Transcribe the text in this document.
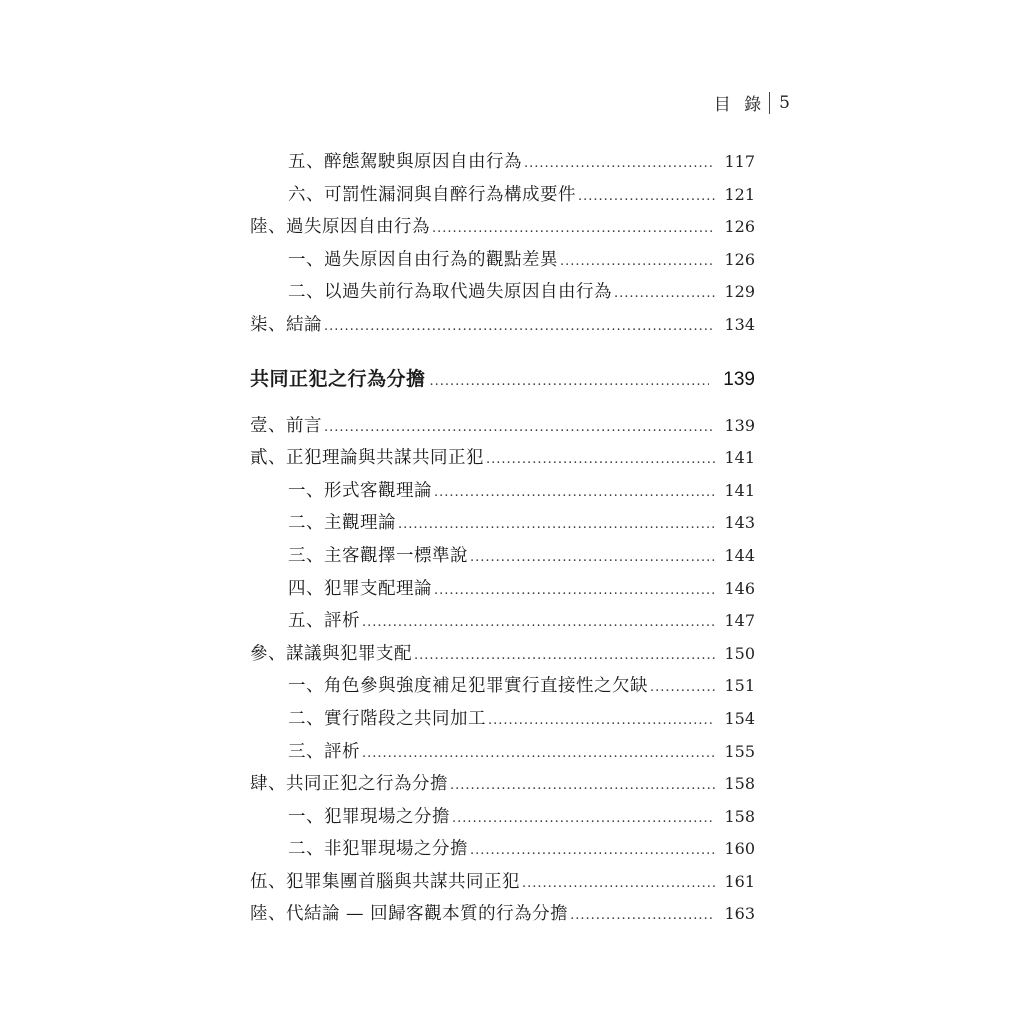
目 錄 5
五、醉態駕駛與原因自由行為 .....	117
六、可罰性漏洞與自醉行為構成要件 .....	121
陸、過失原因自由行為 .....	126
一、過失原因自由行為的觀點差異 .....	126
二、以過失前行為取代過失原因自由行為 .....	129
柒、結論 .....	134
共同正犯之行為分擔 .....	139
壹、前言 .....	139
貳、正犯理論與共謀共同正犯 .....	141
一、形式客觀理論 .....	141
二、主觀理論 .....	143
三、主客觀擇一標準說 .....	144
四、犯罪支配理論 .....	146
五、評析 .....	147
參、謀議與犯罪支配 .....	150
一、角色參與強度補足犯罪實行直接性之欠缺 .....	151
二、實行階段之共同加工 .....	154
三、評析 .....	155
肆、共同正犯之行為分擔 .....	158
一、犯罪現場之分擔 .....	158
二、非犯罪現場之分擔 .....	160
伍、犯罪集團首腦與共謀共同正犯 .....	161
陸、代結論 — 回歸客觀本質的行為分擔 .....	163
